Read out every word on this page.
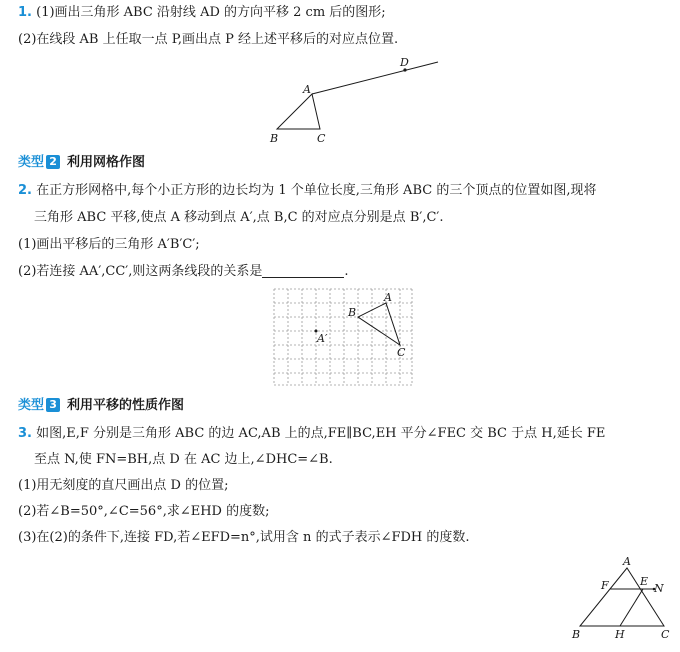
1. (1)画出三角形 ABC 沿射线 AD 的方向平移 2 cm 后的图形;
(2)在线段 AB 上任取一点 P,画出点 P 经上述平移后的对应点位置.
A
B	C
D
类型 2 利用网格作图
2. 在正方形网格中,每个小正方形的边长均为 1 个单位长度,三角形 ABC 的三个顶点的位置如图,现将
三角形 ABC 平移,使点 A 移动到点 A′,点 B,C 的对应点分别是点 B′,C′.
(1)画出平移后的三角形 A′B′C′;
(2)若连接 AA′,CC′,则这两条线段的关系是	.
A
B
C
A′
类型 3 利用平移的性质作图
3. 如图,E,F 分别是三角形 ABC 的边 AC,AB 上的点,FE∥BC,EH 平分∠FEC 交 BC 于点 H,延长 FE
至点 N,使 FN=BH,点 D 在 AC 边上,∠DHC=∠B.
(1)用无刻度的直尺画出点 D 的位置;
(2)若∠B=50°,∠C=56°,求∠EHD 的度数;
(3)在(2)的条件下,连接 FD,若∠EFD=n°,试用含 n 的式子表示∠FDH 的度数.
A
F	E
N
B	H	C
